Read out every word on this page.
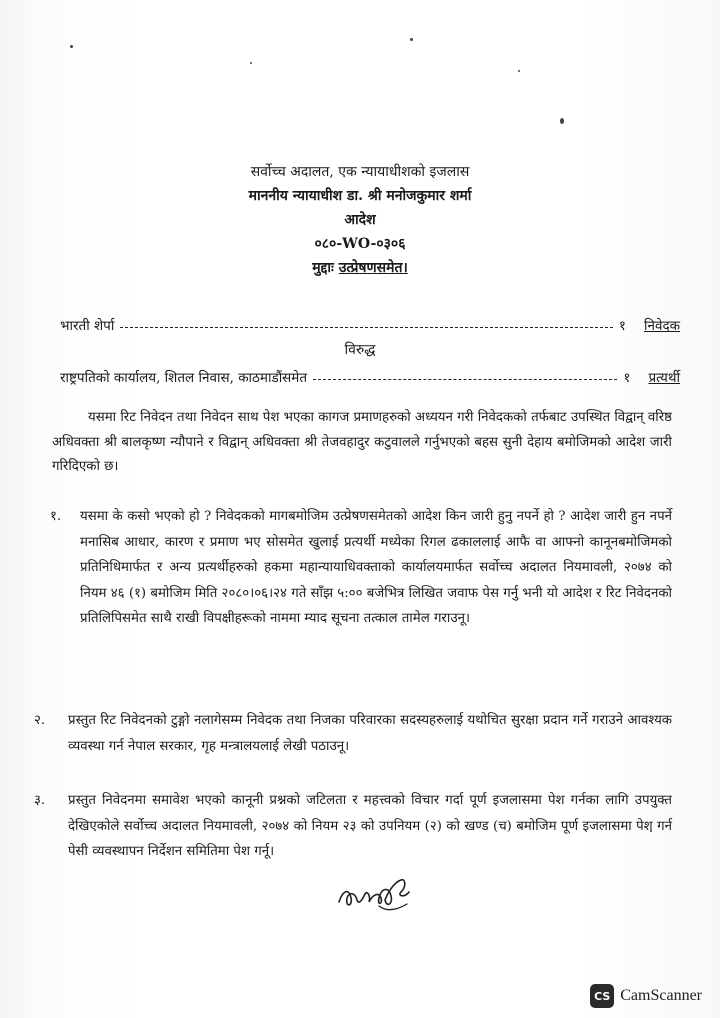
सर्वोच्च अदालत, एक न्यायाधीशको इजलास
माननीय न्यायाधीश डा. श्री मनोजकुमार शर्मा
आदेश
०८०-WO-०३०६
मुद्दाः उत्प्रेषणसमेत।
भारती शेर्पा	१ निवेदक
विरुद्ध
राष्ट्रपतिको कार्यालय, शितल निवास, काठमाडौंसमेत	१ प्रत्यर्थी
यसमा रिट निवेदन तथा निवेदन साथ पेश भएका कागज प्रमाणहरुको अध्ययन गरी निवेदकको तर्फबाट उपस्थित विद्वान् वरिष्ठ अधिवक्ता श्री बालकृष्ण न्यौपाने र विद्वान् अधिवक्ता श्री तेजवहादुर कटुवालले गर्नुभएको बहस सुनी देहाय बमोजिमको आदेश जारी गरिदिएको छ।
१. यसमा के कसो भएको हो ? निवेदकको मागबमोजिम उत्प्रेषणसमेतको आदेश किन जारी हुनु नपर्ने हो ? आदेश जारी हुन नपर्ने मनासिब आधार, कारण र प्रमाण भए सोसमेत खुलाई प्रत्यर्थी मध्येका रिगल ढकाललाई आफै वा आफ्नो कानूनबमोजिमको प्रतिनिधिमार्फत र अन्य प्रत्यर्थीहरुको हकमा महान्यायाधिवक्ताको कार्यालयमार्फत सर्वोच्च अदालत नियमावली, २०७४ को नियम ४६ (१) बमोजिम मिति २०८०।०६।२४ गते साँझ ५:०० बजेभित्र लिखित जवाफ पेस गर्नु भनी यो आदेश र रिट निवेदनको प्रतिलिपिसमेत साथै राखी विपक्षीहरूको नाममा म्याद सूचना तत्काल तामेल गराउनू।
२. प्रस्तुत रिट निवेदनको टुङ्गो नलागेसम्म निवेदक तथा निजका परिवारका सदस्यहरुलाई यथोचित सुरक्षा प्रदान गर्ने गराउने आवश्यक व्यवस्था गर्न नेपाल सरकार, गृह मन्त्रालयलाई लेखी पठाउनू।
३. प्रस्तुत निवेदनमा समावेश भएको कानूनी प्रश्नको जटिलता र महत्त्वको विचार गर्दा पूर्ण इजलासमा पेश गर्नका लागि उपयुक्त देखिएकोले सर्वोच्च अदालत नियमावली, २०७४ को नियम २३ को उपनियम (२) को खण्ड (च) बमोजिम पूर्ण इजलासमा पेश गर्न पेसी व्यवस्थापन निर्देशन समितिमा पेश गर्नू।
CS CamScanner
